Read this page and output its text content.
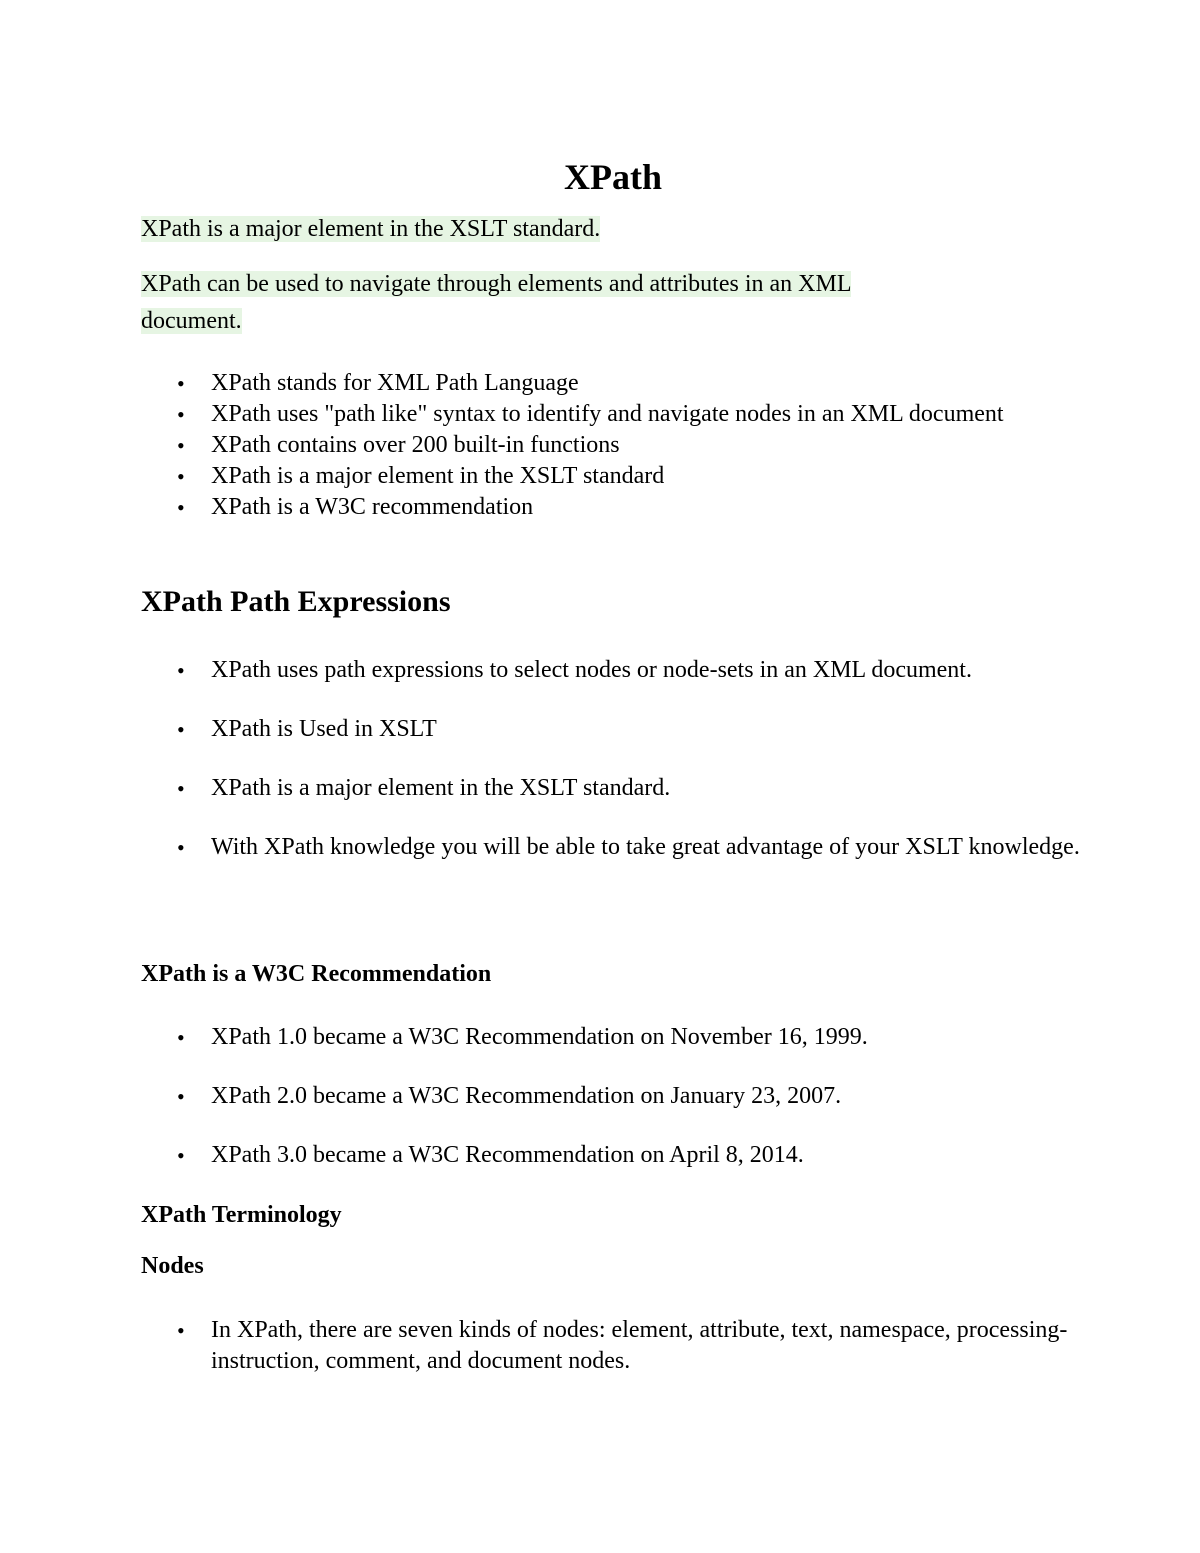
XPath
XPath is a major element in the XSLT standard.
XPath can be used to navigate through elements and attributes in an XML
document.
• XPath stands for XML Path Language
• XPath uses "path like" syntax to identify and navigate nodes in an XML document
• XPath contains over 200 built-in functions
• XPath is a major element in the XSLT standard
• XPath is a W3C recommendation
XPath Path Expressions
• XPath uses path expressions to select nodes or node-sets in an XML document.
• XPath is Used in XSLT
• XPath is a major element in the XSLT standard.
• With XPath knowledge you will be able to take great advantage of your XSLT knowledge.
XPath is a W3C Recommendation
• XPath 1.0 became a W3C Recommendation on November 16, 1999.
• XPath 2.0 became a W3C Recommendation on January 23, 2007.
• XPath 3.0 became a W3C Recommendation on April 8, 2014.
XPath Terminology
Nodes
• In XPath, there are seven kinds of nodes: element, attribute, text, namespace, processing-instruction, comment, and document nodes.
